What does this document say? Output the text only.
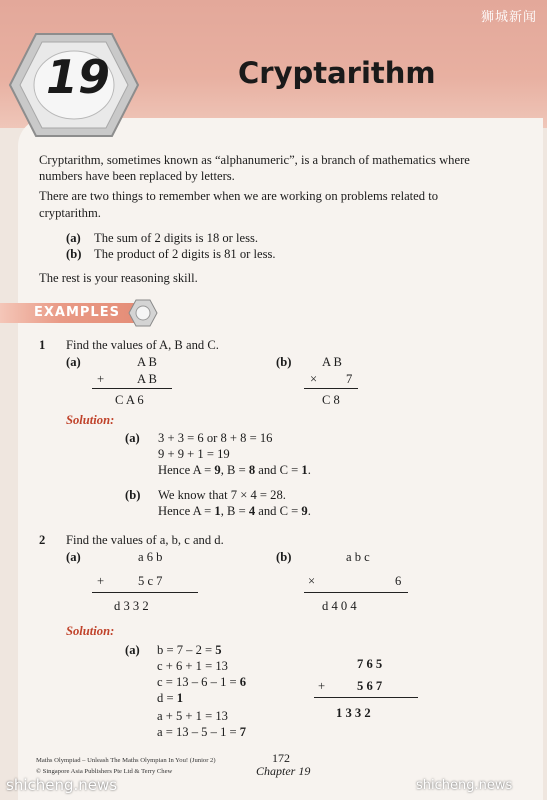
狮城新闻
19	Cryptarithm
Cryptarithm, sometimes known as “alphanumeric”, is a branch of mathematics where
numbers have been replaced by letters.
There are two things to remember when we are working on problems related to
cryptarithm.
(a) The sum of 2 digits is 18 or less.
(b) The product of 2 digits is 81 or less.
The rest is your reasoning skill.
EXAMPLES
1 Find the values of A, B and C.
(a)	A B
+	A B
C A 6
(b) A B
× 7
C 8
Solution:
(a) 3 + 3 = 6 or 8 + 8 = 16
9 + 9 + 1 = 19
Hence A = 9, B = 8 and C = 1.
(b) We know that 7 × 4 = 28.
Hence A = 1, B = 4 and C = 9.
2 Find the values of a, b, c and d.
(a)	a 6 b
+	5 c 7
d 3 3 2
(b)	a b c
×	6
d 4 0 4
Solution:
(a) b = 7 – 2 = 5
c + 6 + 1 = 13
c = 13 – 6 – 1 = 6
d = 1
a + 5 + 1 = 13
a = 13 – 5 – 1 = 7
7 6 5
+	5 6 7
1 3 3 2
Maths Olympiad – Unleash The Maths Olympian In You! (Junior 2)
© Singapore Asia Publishers Pte Ltd & Terry Chew
172
Chapter 19
shicheng.news	shicheng.news
